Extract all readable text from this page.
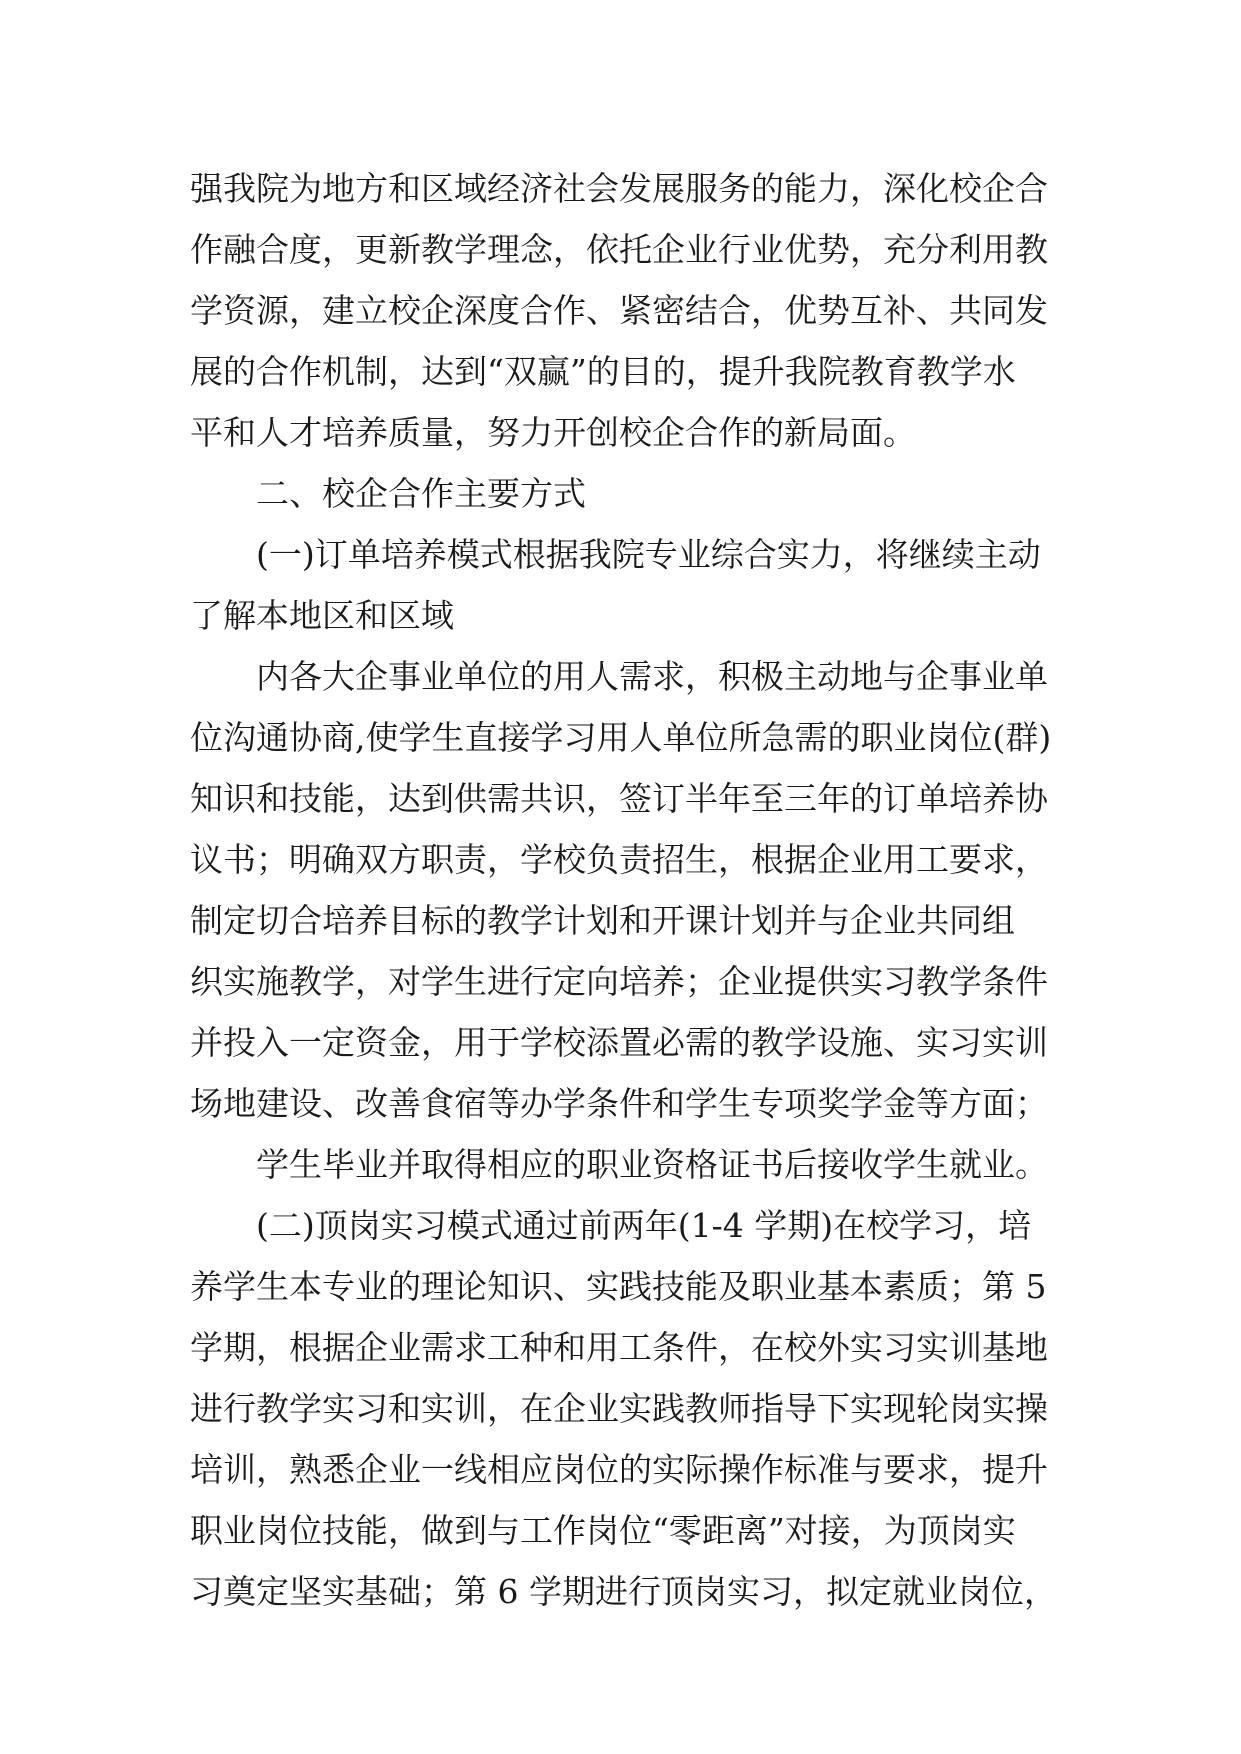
强我院为地方和区域经济社会发展服务的能力，深化校企合
作融合度，更新教学理念，依托企业行业优势，充分利用教
学资源，建立校企深度合作、紧密结合，优势互补、共同发
展的合作机制，达到“双赢”的目的，提升我院教育教学水
平和人才培养质量，努力开创校企合作的新局面。
二、校企合作主要方式
(一)订单培养模式根据我院专业综合实力，将继续主动
了解本地区和区域
内各大企事业单位的用人需求，积极主动地与企事业单
位沟通协商,使学生直接学习用人单位所急需的职业岗位(群)
知识和技能，达到供需共识，签订半年至三年的订单培养协
议书；明确双方职责，学校负责招生，根据企业用工要求，
制定切合培养目标的教学计划和开课计划并与企业共同组
织实施教学，对学生进行定向培养；企业提供实习教学条件
并投入一定资金，用于学校添置必需的教学设施、实习实训
场地建设、改善食宿等办学条件和学生专项奖学金等方面；
学生毕业并取得相应的职业资格证书后接收学生就业。
(二)顶岗实习模式通过前两年(1-4 学期)在校学习，培
养学生本专业的理论知识、实践技能及职业基本素质；第 5
学期，根据企业需求工种和用工条件，在校外实习实训基地
进行教学实习和实训，在企业实践教师指导下实现轮岗实操
培训，熟悉企业一线相应岗位的实际操作标准与要求，提升
职业岗位技能，做到与工作岗位“零距离”对接，为顶岗实
习奠定坚实基础；第 6 学期进行顶岗实习，拟定就业岗位，
